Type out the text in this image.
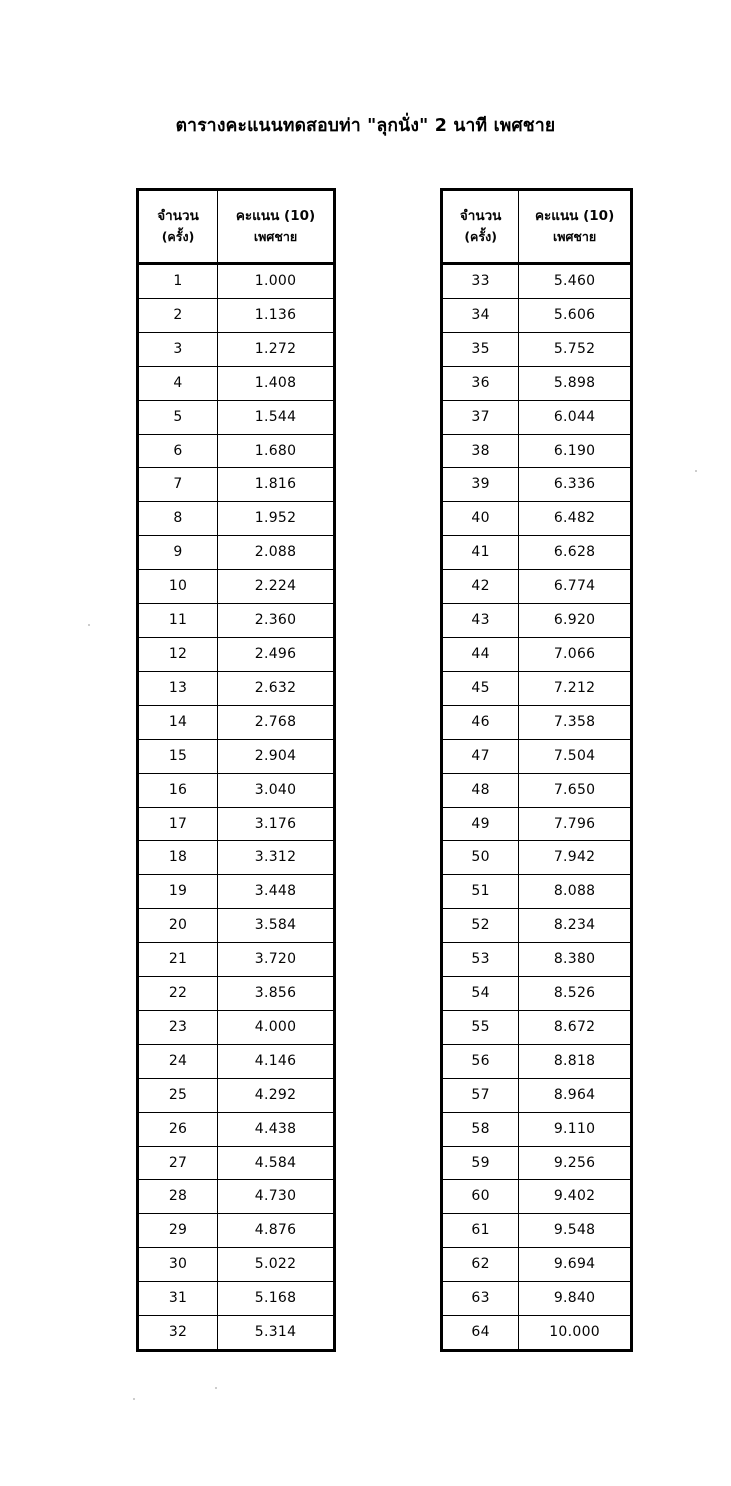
ตารางคะแนนทดสอบท่า "ลุกนั่ง" 2 นาที เพศชาย
จำนวน
(ครั้ง)	คะแนน (10)
เพศชาย

1	1.000
2	1.136
3	1.272
4	1.408
5	1.544
6	1.680
7	1.816
8	1.952
9	2.088
10	2.224
11	2.360
12	2.496
13	2.632
14	2.768
15	2.904
16	3.040
17	3.176
18	3.312
19	3.448
20	3.584
21	3.720
22	3.856
23	4.000
24	4.146
25	4.292
26	4.438
27	4.584
28	4.730
29	4.876
30	5.022
31	5.168
32	5.314
จำนวน
(ครั้ง)	คะแนน (10)
เพศชาย

33	5.460
34	5.606
35	5.752
36	5.898
37	6.044
38	6.190
39	6.336
40	6.482
41	6.628
42	6.774
43	6.920
44	7.066
45	7.212
46	7.358
47	7.504
48	7.650
49	7.796
50	7.942
51	8.088
52	8.234
53	8.380
54	8.526
55	8.672
56	8.818
57	8.964
58	9.110
59	9.256
60	9.402
61	9.548
62	9.694
63	9.840
64	10.000
